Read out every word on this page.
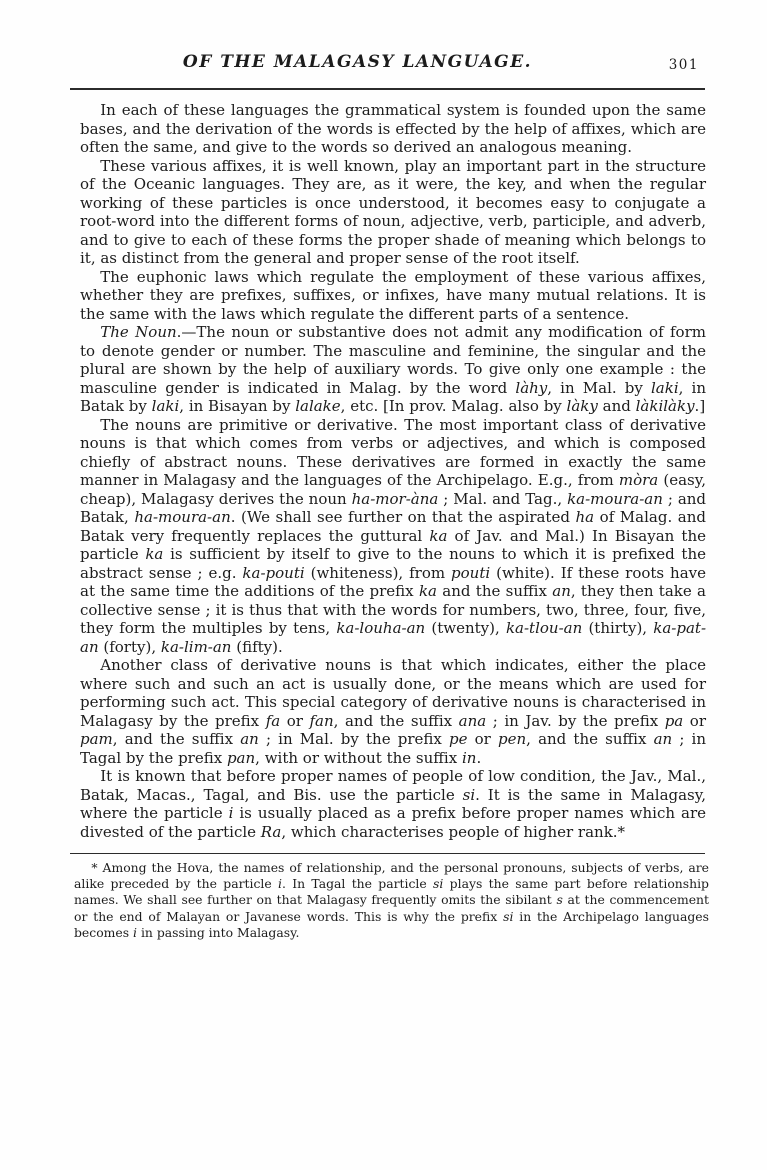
OF THE MALAGASY LANGUAGE.	301

In each of these languages the grammatical system is founded upon the same bases, and the derivation of the words is effected by the help of affixes, which are often the same, and give to the words so derived an analogous meaning.

These various affixes, it is well known, play an important part in the structure of the Oceanic languages. They are, as it were, the key, and when the regular working of these particles is once understood, it becomes easy to conjugate a root-word into the different forms of noun, adjective, verb, participle, and adverb, and to give to each of these forms the proper shade of meaning which belongs to it, as distinct from the general and proper sense of the root itself.

The euphonic laws which regulate the employment of these various affixes, whether they are prefixes, suffixes, or infixes, have many mutual relations. It is the same with the laws which regulate the different parts of a sentence.

The Noun.—The noun or substantive does not admit any modification of form to denote gender or number. The masculine and feminine, the singular and the plural are shown by the help of auxiliary words. To give only one example : the masculine gender is indicated in Malag. by the word làhy, in Mal. by laki, in Batak by laki, in Bisayan by lalake, etc. [In prov. Malag. also by làky and làkilàky.]

The nouns are primitive or derivative. The most important class of derivative nouns is that which comes from verbs or adjectives, and which is composed chiefly of abstract nouns. These derivatives are formed in exactly the same manner in Malagasy and the languages of the Archipelago. E.g., from mòra (easy, cheap), Malagasy derives the noun ha-mor-àna ; Mal. and Tag., ka-moura-an ; and Batak, ha-moura-an. (We shall see further on that the aspirated ha of Malag. and Batak very frequently replaces the guttural ka of Jav. and Mal.) In Bisayan the particle ka is sufficient by itself to give to the nouns to which it is prefixed the abstract sense ; e.g. ka-pouti (whiteness), from pouti (white). If these roots have at the same time the additions of the prefix ka and the suffix an, they then take a collective sense ; it is thus that with the words for numbers, two, three, four, five, they form the multiples by tens, ka-louha-an (twenty), ka-tlou-an (thirty), ka-pat-an (forty), ka-lim-an (fifty).

Another class of derivative nouns is that which indicates, either the place where such and such an act is usually done, or the means which are used for performing such act. This special category of derivative nouns is characterised in Malagasy by the prefix fa or fan, and the suffix ana ; in Jav. by the prefix pa or pam, and the suffix an ; in Mal. by the prefix pe or pen, and the suffix an ; in Tagal by the prefix pan, with or without the suffix in.

It is known that before proper names of people of low condition, the Jav., Mal., Batak, Macas., Tagal, and Bis. use the particle si. It is the same in Malagasy, where the particle i is usually placed as a prefix before proper names which are divested of the particle Ra, which characterises people of higher rank.*

* Among the Hova, the names of relationship, and the personal pronouns, subjects of verbs, are alike preceded by the particle i. In Tagal the particle si plays the same part before relationship names. We shall see further on that Malagasy frequently omits the sibilant s at the commencement or the end of Malayan or Javanese words. This is why the prefix si in the Archipelago languages becomes i in passing into Malagasy.
